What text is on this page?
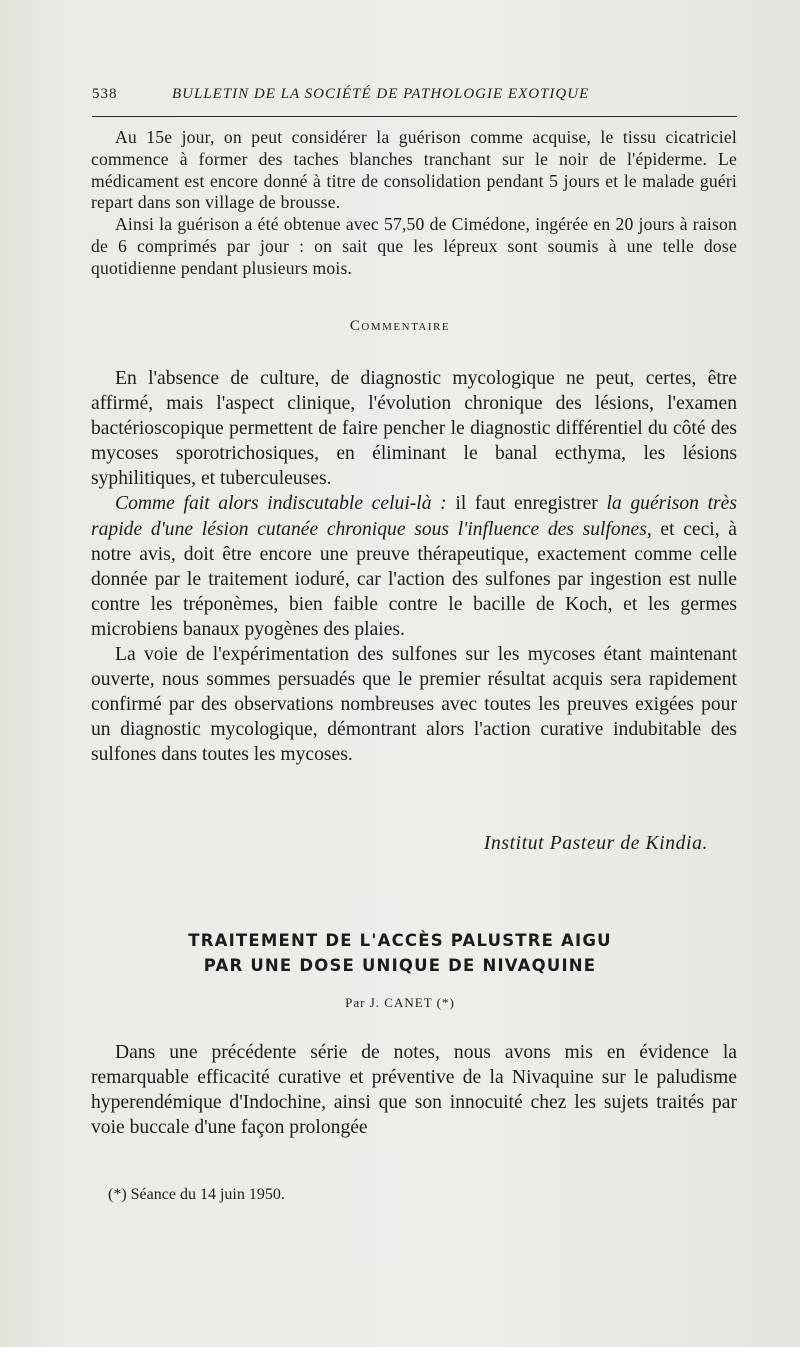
538	BULLETIN DE LA SOCIÉTÉ DE PATHOLOGIE EXOTIQUE

Au 15e jour, on peut considérer la guérison comme acquise, le tissu cicatriciel commence à former des taches blanches tranchant sur le noir de l'épiderme. Le médicament est encore donné à titre de consolidation pendant 5 jours et le malade guéri repart dans son village de brousse.

Ainsi la guérison a été obtenue avec 57,50 de Cimédone, ingérée en 20 jours à raison de 6 comprimés par jour : on sait que les lépreux sont soumis à une telle dose quotidienne pendant plusieurs mois.

Commentaire

En l'absence de culture, de diagnostic mycologique ne peut, certes, être affirmé, mais l'aspect clinique, l'évolution chronique des lésions, l'examen bactérioscopique permettent de faire pencher le diagnostic différentiel du côté des mycoses sporotrichosiques, en éliminant le banal ecthyma, les lésions syphilitiques, et tuberculeuses.

Comme fait alors indiscutable celui-là : il faut enregistrer la guérison très rapide d'une lésion cutanée chronique sous l'influence des sulfones, et ceci, à notre avis, doit être encore une preuve thérapeutique, exactement comme celle donnée par le traitement ioduré, car l'action des sulfones par ingestion est nulle contre les tréponèmes, bien faible contre le bacille de Koch, et les germes microbiens banaux pyogènes des plaies.

La voie de l'expérimentation des sulfones sur les mycoses étant maintenant ouverte, nous sommes persuadés que le premier résultat acquis sera rapidement confirmé par des observations nombreuses avec toutes les preuves exigées pour un diagnostic mycologique, démontrant alors l'action curative indubitable des sulfones dans toutes les mycoses.

Institut Pasteur de Kindia.
TRAITEMENT DE L'ACCÈS PALUSTRE AIGU
PAR UNE DOSE UNIQUE DE NIVAQUINE
Par J. CANET (*)

Dans une précédente série de notes, nous avons mis en évidence la remarquable efficacité curative et préventive de la Nivaquine sur le paludisme hyperendémique d'Indochine, ainsi que son innocuité chez les sujets traités par voie buccale d'une façon prolongée

(*) Séance du 14 juin 1950.
